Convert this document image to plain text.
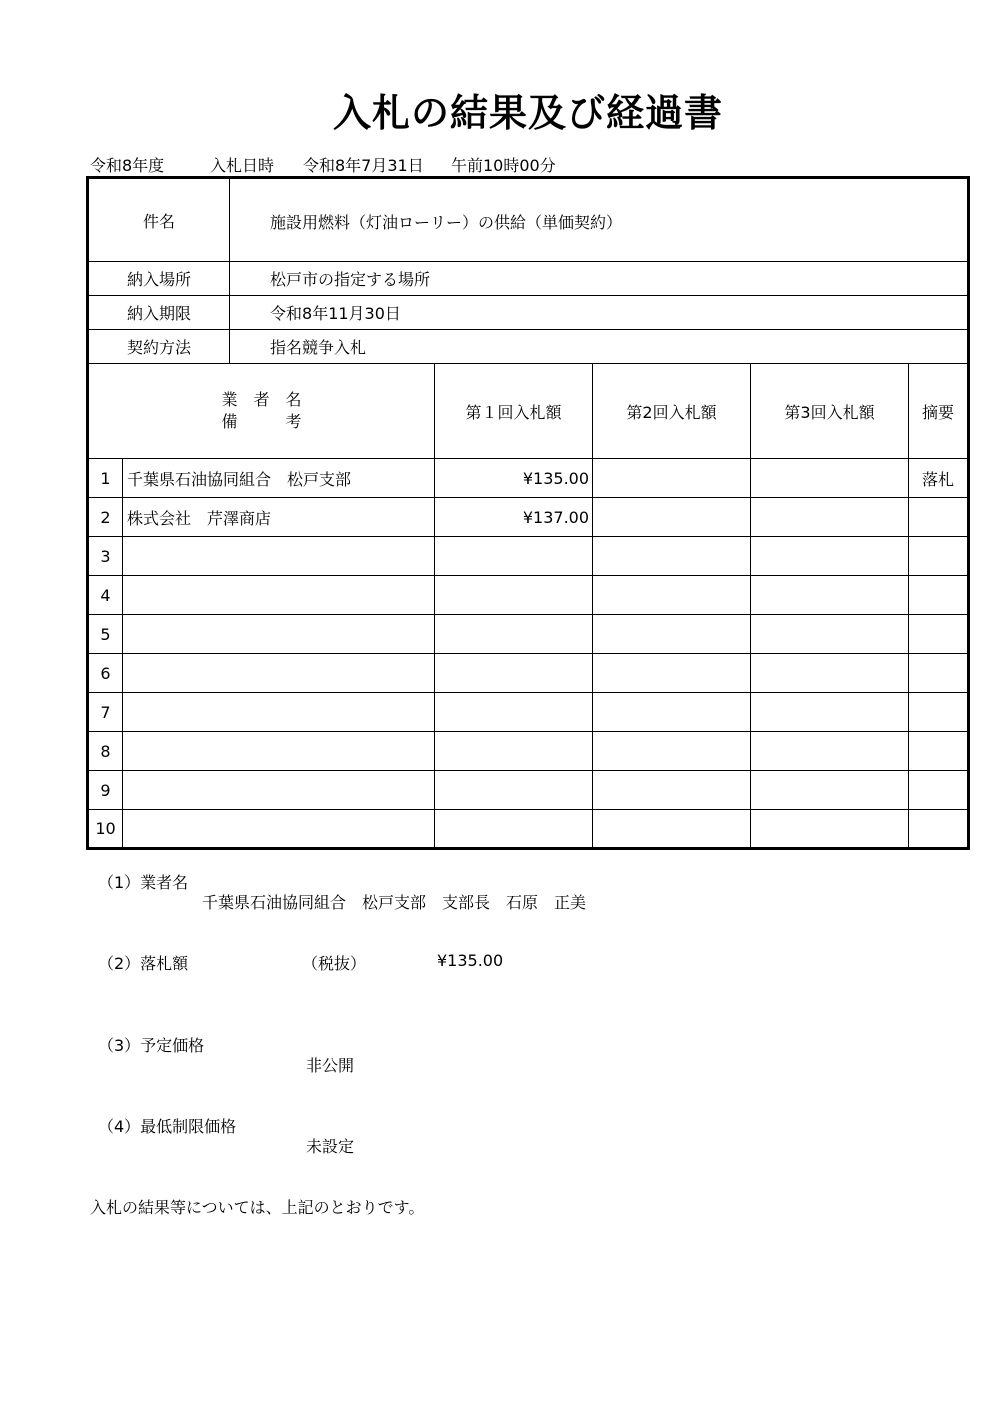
入札の結果及び経過書
令和8年度	入札日時 令和8年7月31日 午前10時00分
件名		施設用燃料（灯油ローリー）の供給（単価契約）				
納入場所		松戸市の指定する場所				
納入期限		令和8年11月30日				
契約方法		指名競争入札				

業　者　名
備　　　考			第１回入札額	第2回入札額	第3回入札額	摘要
1	千葉県石油協同組合　松戸支部		¥135.00			落札
2	株式会社　芹澤商店		¥137.00			
3						
4						
5						
6						
7						
8						
9						
10						
（1）業者名
千葉県石油協同組合　松戸支部　支部長　石原　正美
（2）落札額	（税抜）	¥135.00
（3）予定価格
非公開
（4）最低制限価格
未設定
入札の結果等については、上記のとおりです。
